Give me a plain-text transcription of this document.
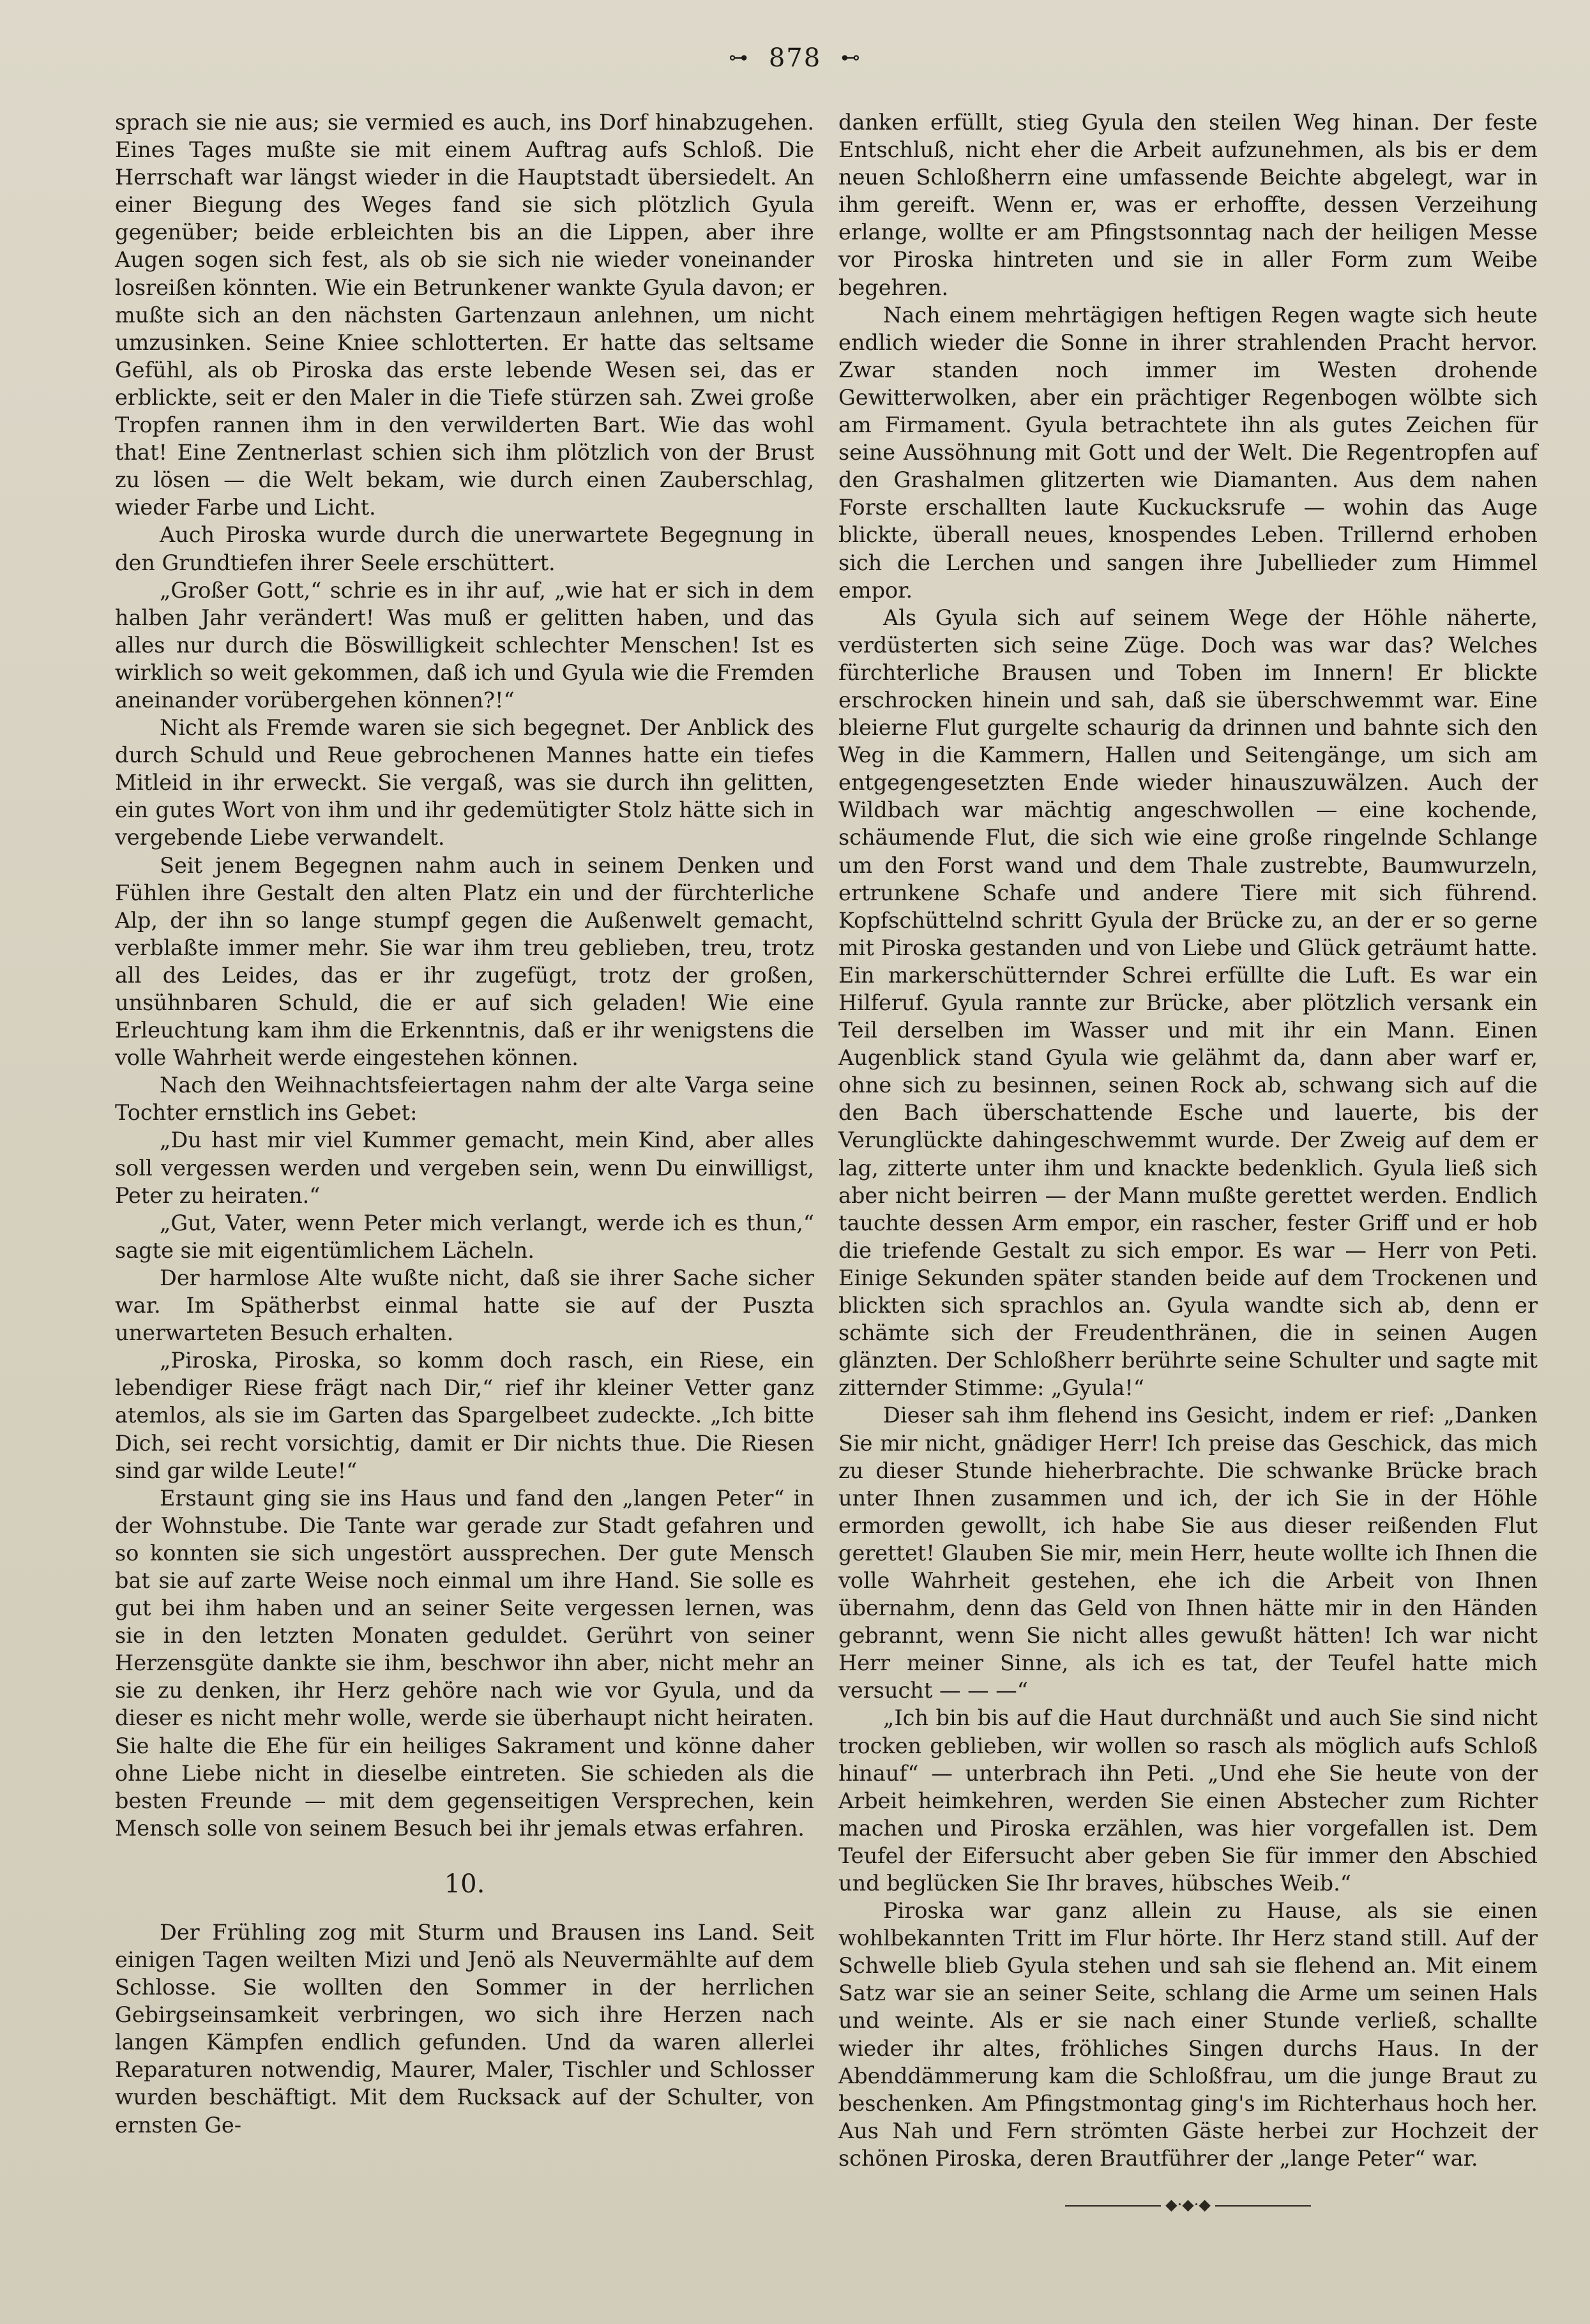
⊶ 878 ⊷

sprach sie nie aus; sie vermied es auch, ins Dorf hinabzugehen. Eines Tages mußte sie mit einem Auftrag aufs Schloß. Die Herrschaft war längst wieder in die Hauptstadt übersiedelt. An einer Biegung des Weges fand sie sich plötzlich Gyula gegenüber; beide erbleichten bis an die Lippen, aber ihre Augen sogen sich fest, als ob sie sich nie wieder voneinander losreißen könnten. Wie ein Betrunkener wankte Gyula davon; er mußte sich an den nächsten Gartenzaun anlehnen, um nicht umzusinken. Seine Kniee schlotterten. Er hatte das seltsame Gefühl, als ob Piroska das erste lebende Wesen sei, das er erblickte, seit er den Maler in die Tiefe stürzen sah. Zwei große Tropfen rannen ihm in den verwilderten Bart. Wie das wohl that! Eine Zentnerlast schien sich ihm plötzlich von der Brust zu lösen — die Welt bekam, wie durch einen Zauberschlag, wieder Farbe und Licht.

Auch Piroska wurde durch die unerwartete Begegnung in den Grundtiefen ihrer Seele erschüttert.

„Großer Gott,“ schrie es in ihr auf, „wie hat er sich in dem halben Jahr verändert! Was muß er gelitten haben, und das alles nur durch die Böswilligkeit schlechter Menschen! Ist es wirklich so weit gekommen, daß ich und Gyula wie die Fremden aneinander vorübergehen können?!“

Nicht als Fremde waren sie sich begegnet. Der Anblick des durch Schuld und Reue gebrochenen Mannes hatte ein tiefes Mitleid in ihr erweckt. Sie vergaß, was sie durch ihn gelitten, ein gutes Wort von ihm und ihr gedemütigter Stolz hätte sich in vergebende Liebe verwandelt.

Seit jenem Begegnen nahm auch in seinem Denken und Fühlen ihre Gestalt den alten Platz ein und der fürchterliche Alp, der ihn so lange stumpf gegen die Außenwelt gemacht, verblaßte immer mehr. Sie war ihm treu geblieben, treu, trotz all des Leides, das er ihr zugefügt, trotz der großen, unsühnbaren Schuld, die er auf sich geladen! Wie eine Erleuchtung kam ihm die Erkenntnis, daß er ihr wenigstens die volle Wahrheit werde eingestehen können.

Nach den Weihnachtsfeiertagen nahm der alte Varga seine Tochter ernstlich ins Gebet:

„Du hast mir viel Kummer gemacht, mein Kind, aber alles soll vergessen werden und vergeben sein, wenn Du einwilligst, Peter zu heiraten.“

„Gut, Vater, wenn Peter mich verlangt, werde ich es thun,“ sagte sie mit eigentümlichem Lächeln.

Der harmlose Alte wußte nicht, daß sie ihrer Sache sicher war. Im Spätherbst einmal hatte sie auf der Puszta unerwarteten Besuch erhalten.

„Piroska, Piroska, so komm doch rasch, ein Riese, ein lebendiger Riese frägt nach Dir,“ rief ihr kleiner Vetter ganz atemlos, als sie im Garten das Spargelbeet zudeckte. „Ich bitte Dich, sei recht vorsichtig, damit er Dir nichts thue. Die Riesen sind gar wilde Leute!“

Erstaunt ging sie ins Haus und fand den „langen Peter“ in der Wohnstube. Die Tante war gerade zur Stadt gefahren und so konnten sie sich ungestört aussprechen. Der gute Mensch bat sie auf zarte Weise noch einmal um ihre Hand. Sie solle es gut bei ihm haben und an seiner Seite vergessen lernen, was sie in den letzten Monaten geduldet. Gerührt von seiner Herzensgüte dankte sie ihm, beschwor ihn aber, nicht mehr an sie zu denken, ihr Herz gehöre nach wie vor Gyula, und da dieser es nicht mehr wolle, werde sie überhaupt nicht heiraten. Sie halte die Ehe für ein heiliges Sakrament und könne daher ohne Liebe nicht in dieselbe eintreten. Sie schieden als die besten Freunde — mit dem gegenseitigen Versprechen, kein Mensch solle von seinem Besuch bei ihr jemals etwas erfahren.

10.

Der Frühling zog mit Sturm und Brausen ins Land. Seit einigen Tagen weilten Mizi und Jenö als Neuvermählte auf dem Schlosse. Sie wollten den Sommer in der herrlichen Gebirgseinsamkeit verbringen, wo sich ihre Herzen nach langen Kämpfen endlich gefunden. Und da waren allerlei Reparaturen notwendig, Maurer, Maler, Tischler und Schlosser wurden beschäftigt. Mit dem Rucksack auf der Schulter, von ernsten Ge-

danken erfüllt, stieg Gyula den steilen Weg hinan. Der feste Entschluß, nicht eher die Arbeit aufzunehmen, als bis er dem neuen Schloßherrn eine umfassende Beichte abgelegt, war in ihm gereift. Wenn er, was er erhoffte, dessen Verzeihung erlange, wollte er am Pfingstsonntag nach der heiligen Messe vor Piroska hintreten und sie in aller Form zum Weibe begehren.

Nach einem mehrtägigen heftigen Regen wagte sich heute endlich wieder die Sonne in ihrer strahlenden Pracht hervor. Zwar standen noch immer im Westen drohende Gewitterwolken, aber ein prächtiger Regenbogen wölbte sich am Firmament. Gyula betrachtete ihn als gutes Zeichen für seine Aussöhnung mit Gott und der Welt. Die Regentropfen auf den Grashalmen glitzerten wie Diamanten. Aus dem nahen Forste erschallten laute Kuckucksrufe — wohin das Auge blickte, überall neues, knospendes Leben. Trillernd erhoben sich die Lerchen und sangen ihre Jubellieder zum Himmel empor.

Als Gyula sich auf seinem Wege der Höhle näherte, verdüsterten sich seine Züge. Doch was war das? Welches fürchterliche Brausen und Toben im Innern! Er blickte erschrocken hinein und sah, daß sie überschwemmt war. Eine bleierne Flut gurgelte schaurig da drinnen und bahnte sich den Weg in die Kammern, Hallen und Seitengänge, um sich am entgegengesetzten Ende wieder hinauszuwälzen. Auch der Wildbach war mächtig angeschwollen — eine kochende, schäumende Flut, die sich wie eine große ringelnde Schlange um den Forst wand und dem Thale zustrebte, Baumwurzeln, ertrunkene Schafe und andere Tiere mit sich führend. Kopfschüttelnd schritt Gyula der Brücke zu, an der er so gerne mit Piroska gestanden und von Liebe und Glück geträumt hatte. Ein markerschütternder Schrei erfüllte die Luft. Es war ein Hilferuf. Gyula rannte zur Brücke, aber plötzlich versank ein Teil derselben im Wasser und mit ihr ein Mann. Einen Augenblick stand Gyula wie gelähmt da, dann aber warf er, ohne sich zu besinnen, seinen Rock ab, schwang sich auf die den Bach überschattende Esche und lauerte, bis der Verunglückte dahingeschwemmt wurde. Der Zweig auf dem er lag, zitterte unter ihm und knackte bedenklich. Gyula ließ sich aber nicht beirren — der Mann mußte gerettet werden. Endlich tauchte dessen Arm empor, ein rascher, fester Griff und er hob die triefende Gestalt zu sich empor. Es war — Herr von Peti. Einige Sekunden später standen beide auf dem Trockenen und blickten sich sprachlos an. Gyula wandte sich ab, denn er schämte sich der Freudenthränen, die in seinen Augen glänzten. Der Schloßherr berührte seine Schulter und sagte mit zitternder Stimme: „Gyula!“

Dieser sah ihm flehend ins Gesicht, indem er rief: „Danken Sie mir nicht, gnädiger Herr! Ich preise das Geschick, das mich zu dieser Stunde hieherbrachte. Die schwanke Brücke brach unter Ihnen zusammen und ich, der ich Sie in der Höhle ermorden gewollt, ich habe Sie aus dieser reißenden Flut gerettet! Glauben Sie mir, mein Herr, heute wollte ich Ihnen die volle Wahrheit gestehen, ehe ich die Arbeit von Ihnen übernahm, denn das Geld von Ihnen hätte mir in den Händen gebrannt, wenn Sie nicht alles gewußt hätten! Ich war nicht Herr meiner Sinne, als ich es tat, der Teufel hatte mich versucht — — —“

„Ich bin bis auf die Haut durchnäßt und auch Sie sind nicht trocken geblieben, wir wollen so rasch als möglich aufs Schloß hinauf“ — unterbrach ihn Peti. „Und ehe Sie heute von der Arbeit heimkehren, werden Sie einen Abstecher zum Richter machen und Piroska erzählen, was hier vorgefallen ist. Dem Teufel der Eifersucht aber geben Sie für immer den Abschied und beglücken Sie Ihr braves, hübsches Weib.“

Piroska war ganz allein zu Hause, als sie einen wohlbekannten Tritt im Flur hörte. Ihr Herz stand still. Auf der Schwelle blieb Gyula stehen und sah sie flehend an. Mit einem Satz war sie an seiner Seite, schlang die Arme um seinen Hals und weinte. Als er sie nach einer Stunde verließ, schallte wieder ihr altes, fröhliches Singen durchs Haus. In der Abenddämmerung kam die Schloßfrau, um die junge Braut zu beschenken. Am Pfingstmontag ging's im Richterhaus hoch her. Aus Nah und Fern strömten Gäste herbei zur Hochzeit der schönen Piroska, deren Brautführer der „lange Peter“ war.

◆·◆·◆
